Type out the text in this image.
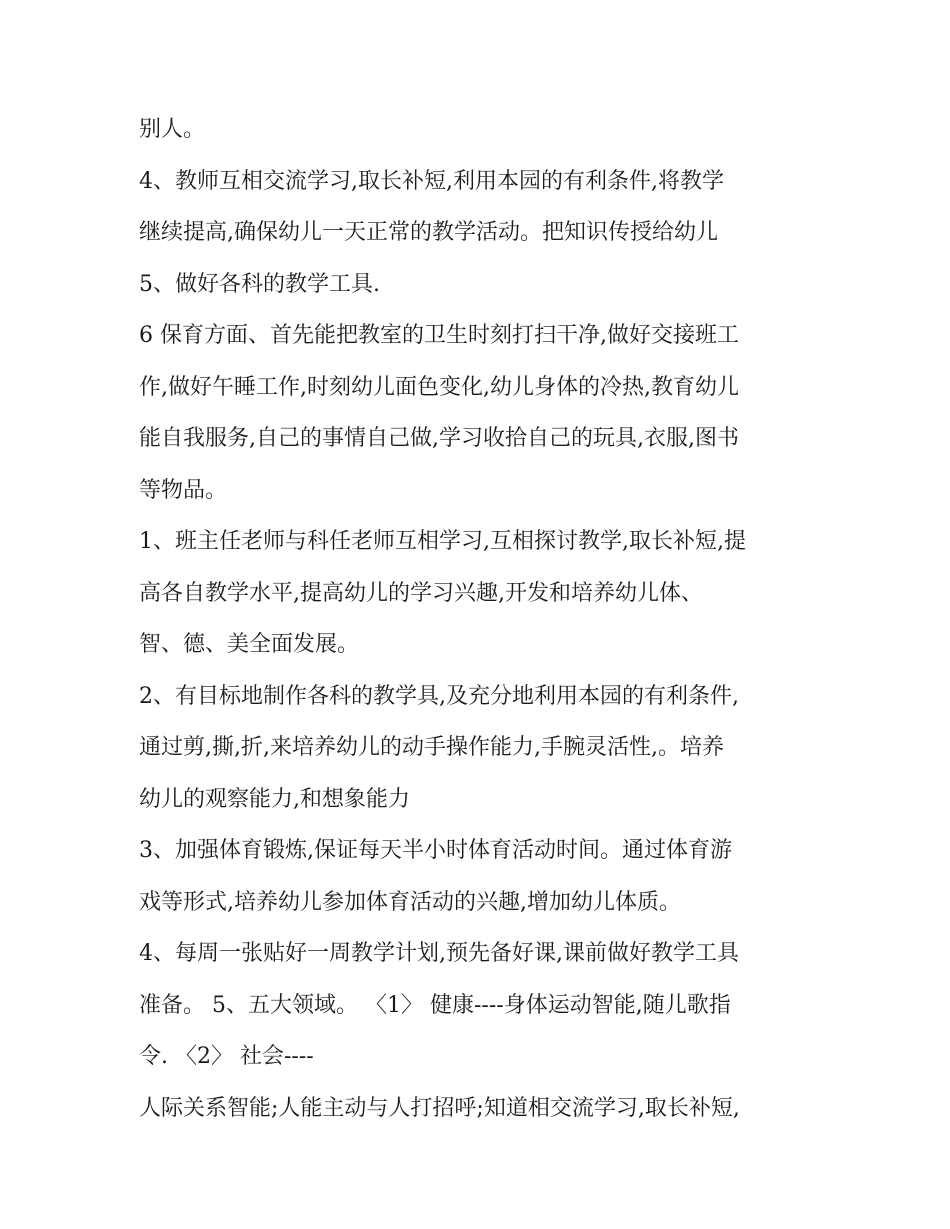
别人。
4、教师互相交流学习,取长补短,利用本园的有利条件,将教学
继续提高,确保幼儿一天正常的教学活动。把知识传授给幼儿
5、做好各科的教学工具.
6 保育方面、首先能把教室的卫生时刻打扫干净,做好交接班工
作,做好午睡工作,时刻幼儿面色变化,幼儿身体的冷热,教育幼儿
能自我服务,自己的事情自己做,学习收拾自己的玩具,衣服,图书
等物品。
1、班主任老师与科任老师互相学习,互相探讨教学,取长补短,提
高各自教学水平,提高幼儿的学习兴趣,开发和培养幼儿体、
智、德、美全面发展。
2、有目标地制作各科的教学具,及充分地利用本园的有利条件,
通过剪,撕,折,来培养幼儿的动手操作能力,手腕灵活性,。培养
幼儿的观察能力,和想象能力
3、加强体育锻炼,保证每天半小时体育活动时间。通过体育游
戏等形式,培养幼儿参加体育活动的兴趣,增加幼儿体质。
4、每周一张贴好一周教学计划,预先备好课,课前做好教学工具
准备。 5、五大领域。 〈1〉 健康----身体运动智能,随儿歌指
令. 〈2〉 社会----
人际关系智能;人能主动与人打招呼;知道相交流学习,取长补短,
